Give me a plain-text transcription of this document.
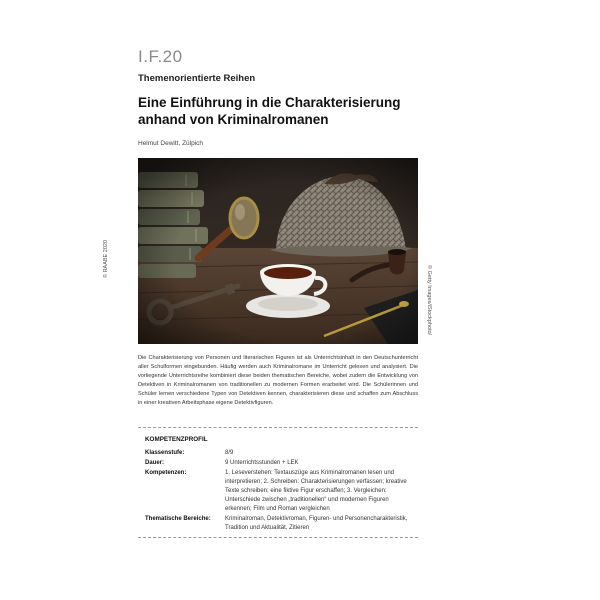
I.F.20
Themenorientierte Reihen
Eine Einführung in die Charakterisierung
anhand von Kriminalromanen
Helmut Dewitt, Zülpich
© RAABE 2020
© Getty Images/iStockphoto/

Die Charakterisierung von Personen und literarischen Figuren ist als Unterrichtsinhalt in den Deutschunterricht aller Schulformen eingebunden. Häufig werden auch Kriminalromane im Unterricht gelesen und analysiert. Die vorliegende Unterrichtsreihe kombiniert diese beiden thematischen Bereiche, wobei zudem die Entwicklung von Detektiven in Kriminalromanen von traditionellen zu modernen Formen erarbeitet wird. Die Schülerinnen und Schüler lernen verschiedene Typen von Detektiven kennen, charakterisieren diese und schaffen zum Abschluss in einer kreativen Arbeitsphase eigene Detektivfiguren.

KOMPETENZPROFIL
Klassenstufe:	8/9
Dauer:	9 Unterrichtsstunden + LEK
Kompetenzen:	1. Leseverstehen: Textauszüge aus Kriminalromanen lesen und interpretieren; 2. Schreiben: Charakterisierungen verfassen; kreative Texte schreiben; eine fiktive Figur erschaffen; 3. Vergleichen: Unterschiede zwischen „traditionellen“ und modernen Figuren erkennen; Film und Roman vergleichen
Thematische Bereiche:	Kriminalroman, Detektivroman, Figuren- und Personencharakteristik, Tradition und Aktualität, Zitieren
